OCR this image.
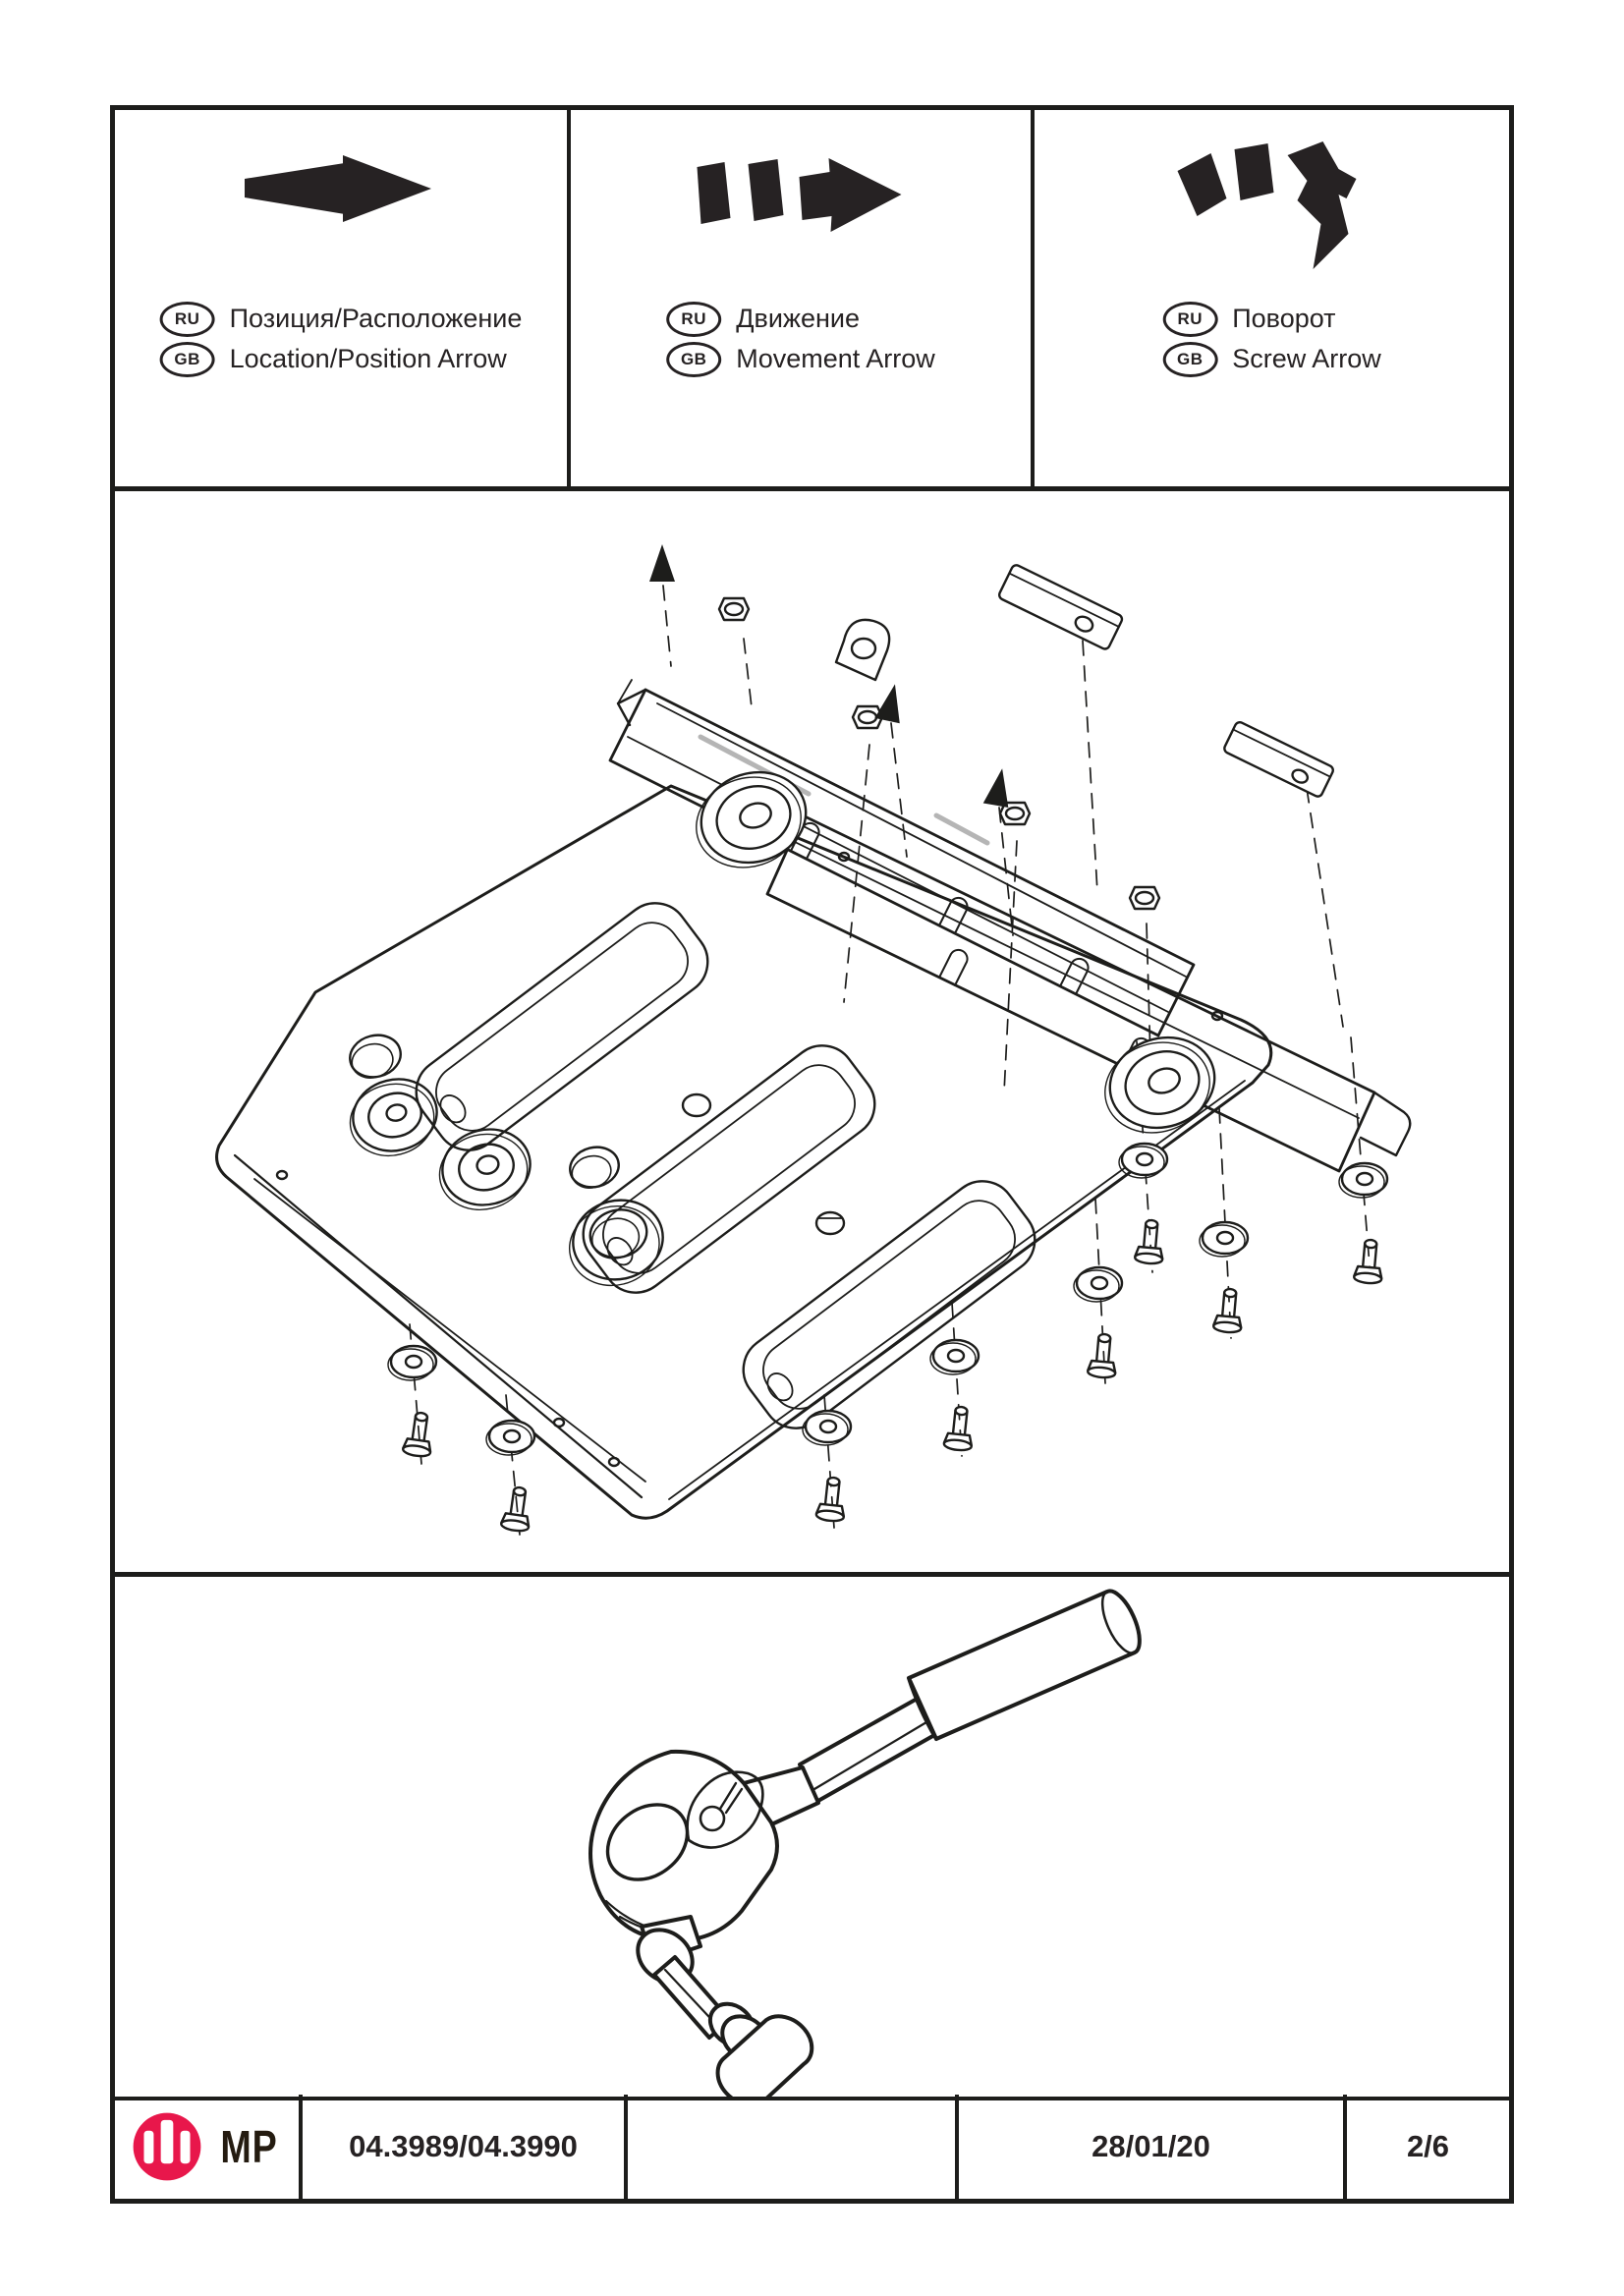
RU	Позиция/Расположение
GB	Location/Position Arrow
RU	Движение
GB	Movement Arrow
RU	Поворот
GB	Screw Arrow
MP 04.3989/04.3990	28/01/20	2/6
